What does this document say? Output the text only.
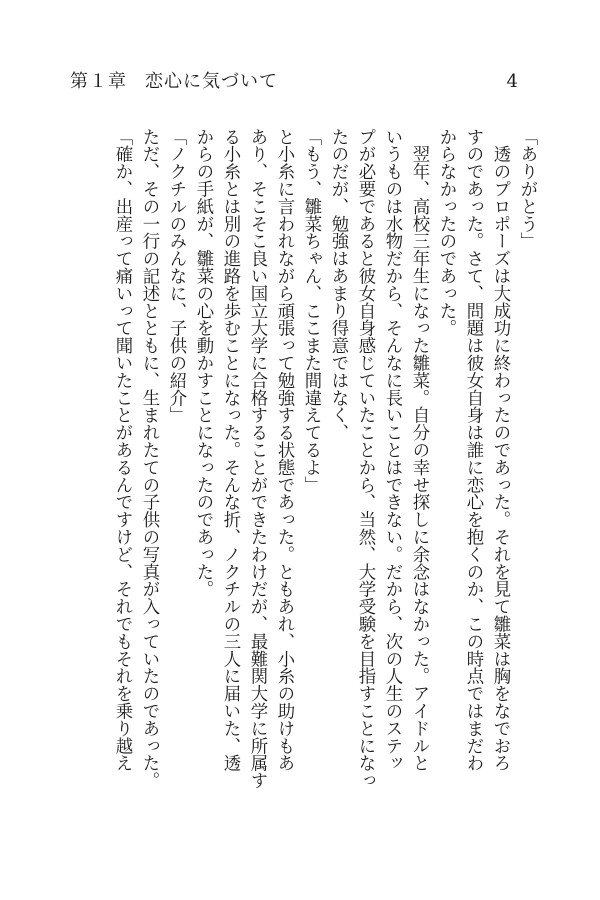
第１章 恋心に気づいて	4
「ありがとう」
　透のプロポーズは大成功に終わったのであった。それを見て雛菜は胸をなでおろ
すのであった。さて、問題は彼女自身は誰に恋心を抱くのか、この時点ではまだわ
からなかったのであった。
　翌年、高校三年生になった雛菜。自分の幸せ探しに余念はなかった。アイドルと
いうものは水物だから、そんなに長いことはできない。だから、次の人生のステッ
プが必要であると彼女自身感じていたことから、当然、大学受験を目指すことになっ
たのだが、勉強はあまり得意ではなく、
「もう、雛菜ちゃん、ここまた間違えてるよ」
と小糸に言われながら頑張って勉強する状態であった。ともあれ、小糸の助けもあ
あり、そこそこ良い国立大学に合格することができたわけだが、最難関大学に所属す
る小糸とは別の進路を歩むことになった。そんな折、ノクチルの三人に届いた、透
からの手紙が、雛菜の心を動かすことになったのであった。
「ノクチルのみんなに、子供の紹介」
ただ、その一行の記述とともに、生まれたての子供の写真が入っていたのであった。
「確か、出産って痛いって聞いたことがあるんですけど、それでもそれを乗り越え
